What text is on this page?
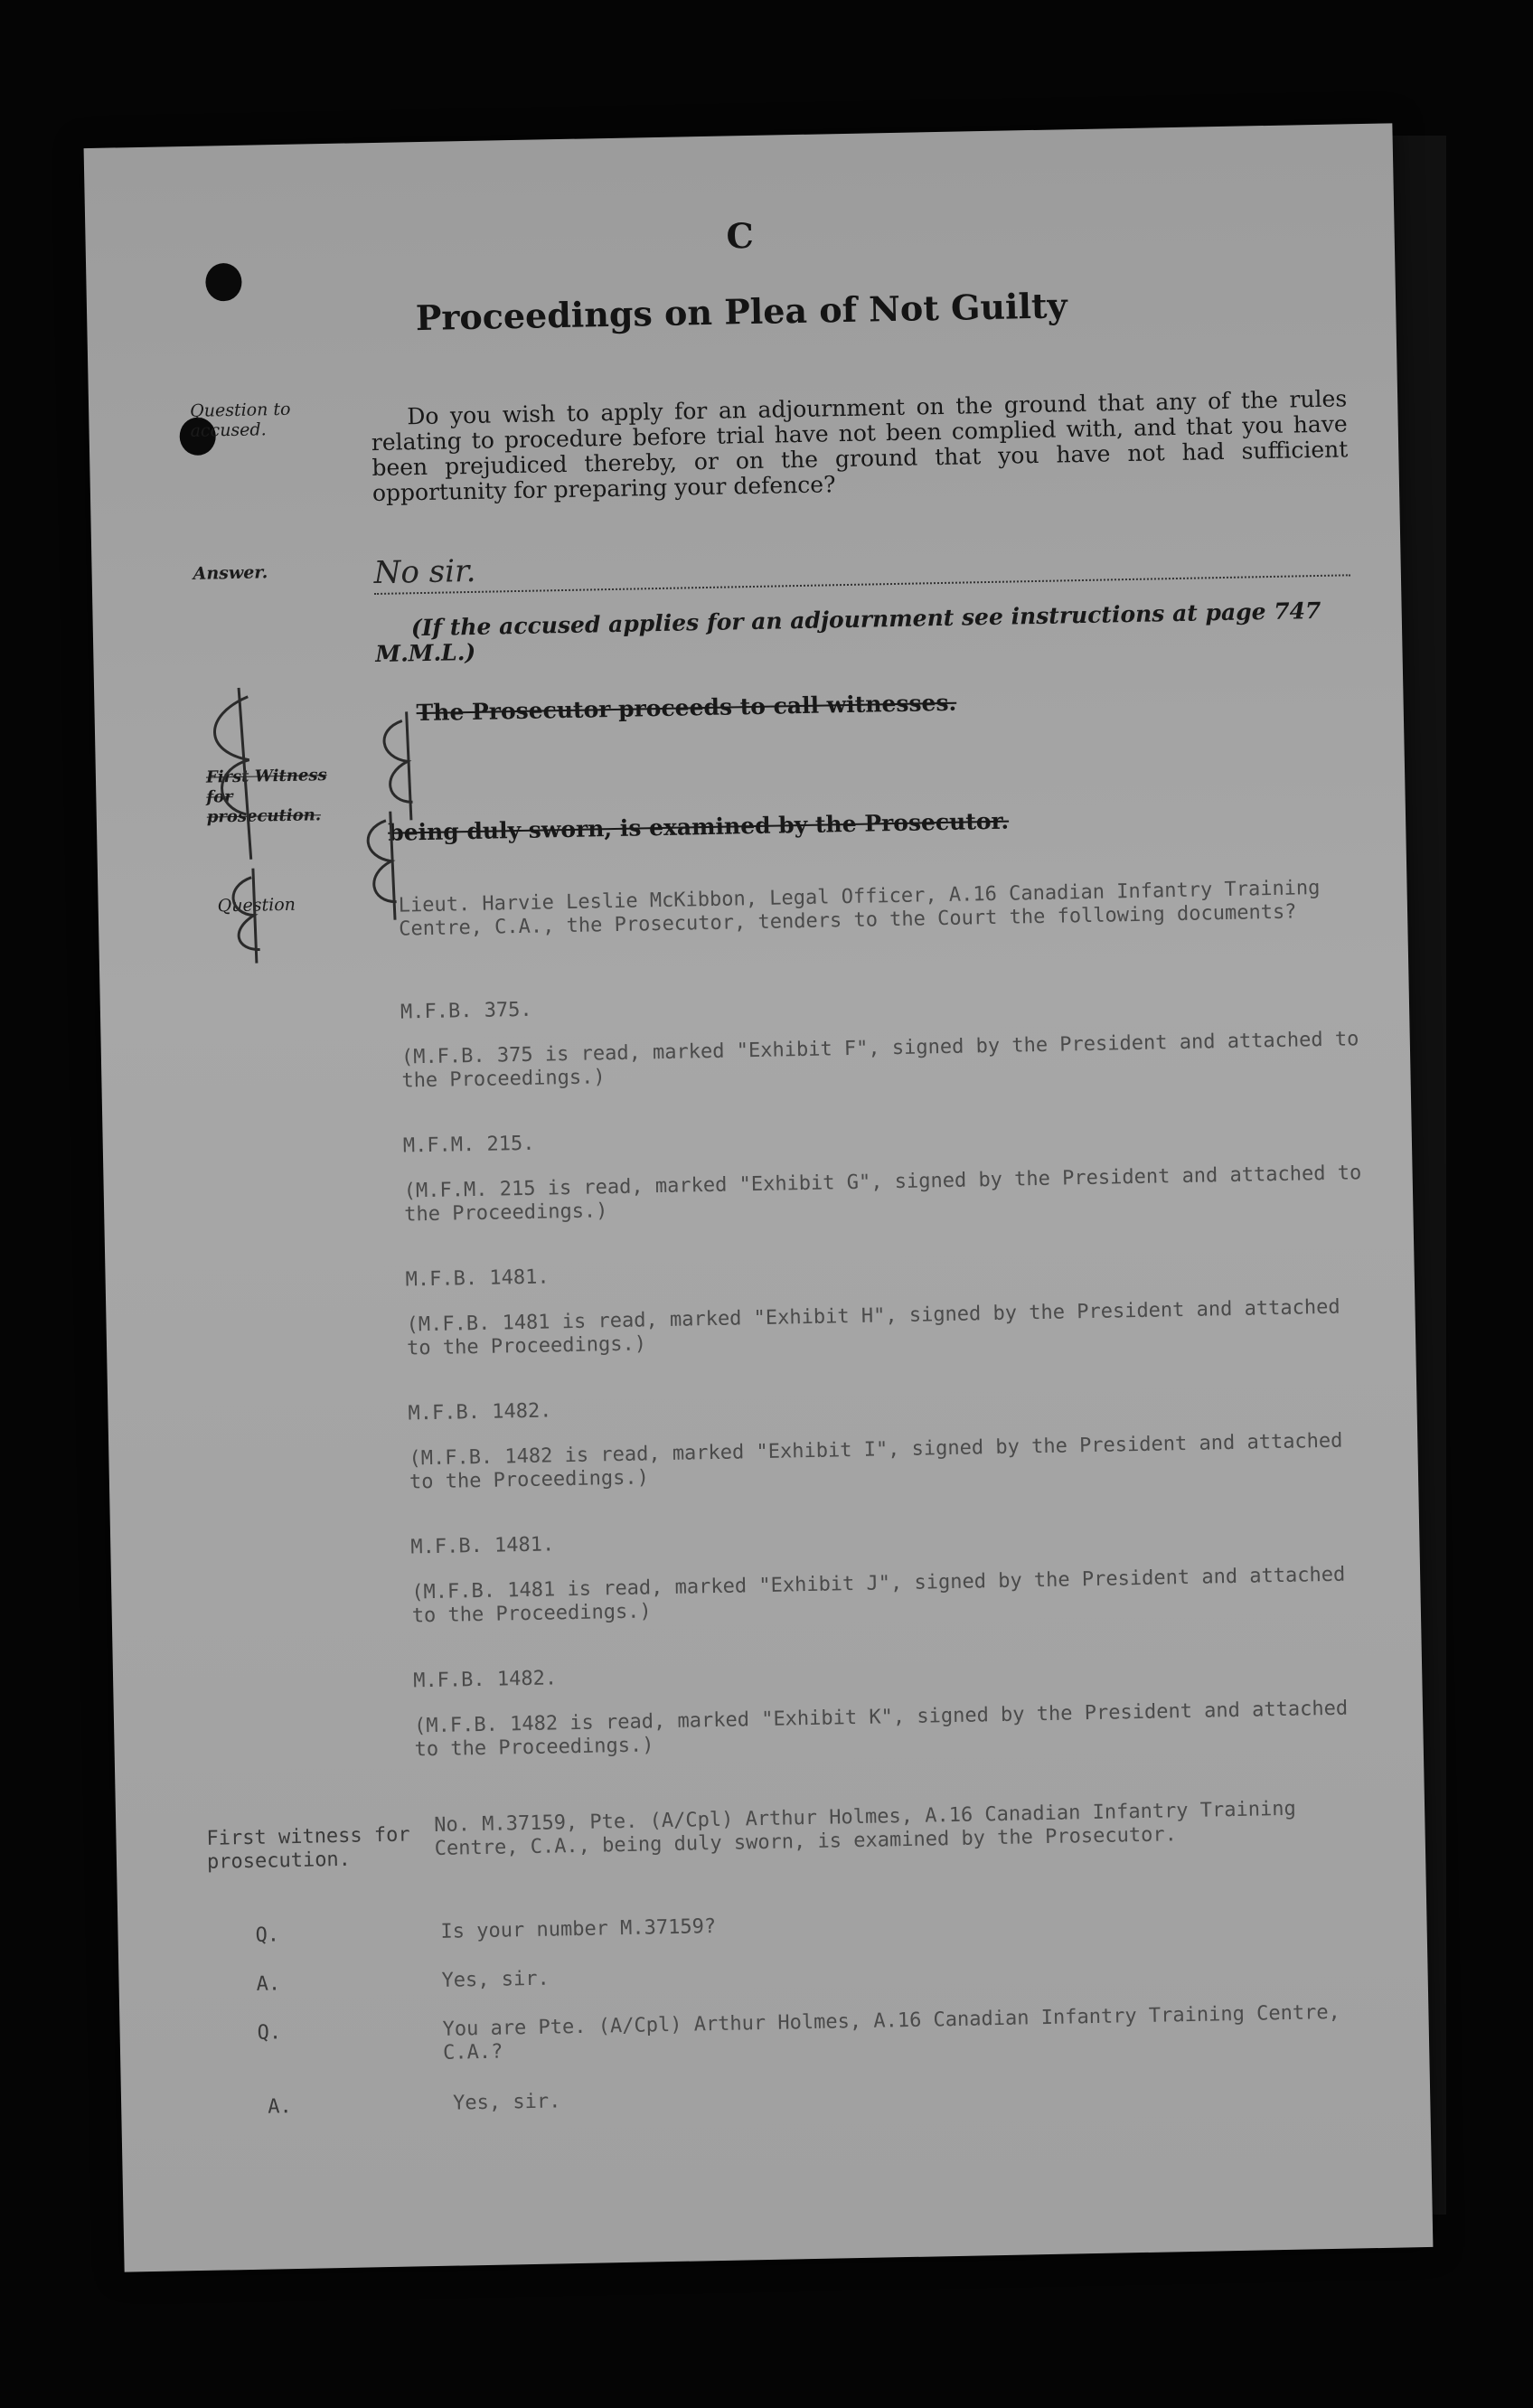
C
Proceedings on Plea of Not Guilty
Question to accused.
Do you wish to apply for an adjournment on the ground that any of the rules relating to procedure before trial have not been complied with, and that you have been prejudiced thereby, or on the ground that you have not had sufficient opportunity for preparing your defence?
Answer.	No sir.
(If the accused applies for an adjournment see instructions at page 747 M.M.L.)
The Prosecutor proceeds to call witnesses.
First Witness for prosecution.	being duly sworn, is examined by the Prosecutor.
Question	Lieut. Harvie Leslie McKibbon, Legal Officer, A.16 Canadian Infantry Training Centre, C.A., the Prosecutor, tenders to the Court the following documents?
M.F.B. 375.
(M.F.B. 375 is read, marked "Exhibit F", signed by the President and attached to the Proceedings.)
M.F.M. 215.
(M.F.M. 215 is read, marked "Exhibit G", signed by the President and attached to the Proceedings.)
M.F.B. 1481.
(M.F.B. 1481 is read, marked "Exhibit H", signed by the President and attached to the Proceedings.)
M.F.B. 1482.
(M.F.B. 1482 is read, marked "Exhibit I", signed by the President and attached to the Proceedings.)
M.F.B. 1481.
(M.F.B. 1481 is read, marked "Exhibit J", signed by the President and attached to the Proceedings.)
M.F.B. 1482.
(M.F.B. 1482 is read, marked "Exhibit K", signed by the President and attached to the Proceedings.)
First witness for prosecution.
No. M.37159, Pte. (A/Cpl) Arthur Holmes, A.16 Canadian Infantry Training Centre, C.A., being duly sworn, is examined by the Prosecutor.
Q.	Is your number M.37159?
A.	Yes, sir.
Q.	You are Pte. (A/Cpl) Arthur Holmes, A.16 Canadian Infantry Training Centre, C.A.?
A.	Yes, sir.
